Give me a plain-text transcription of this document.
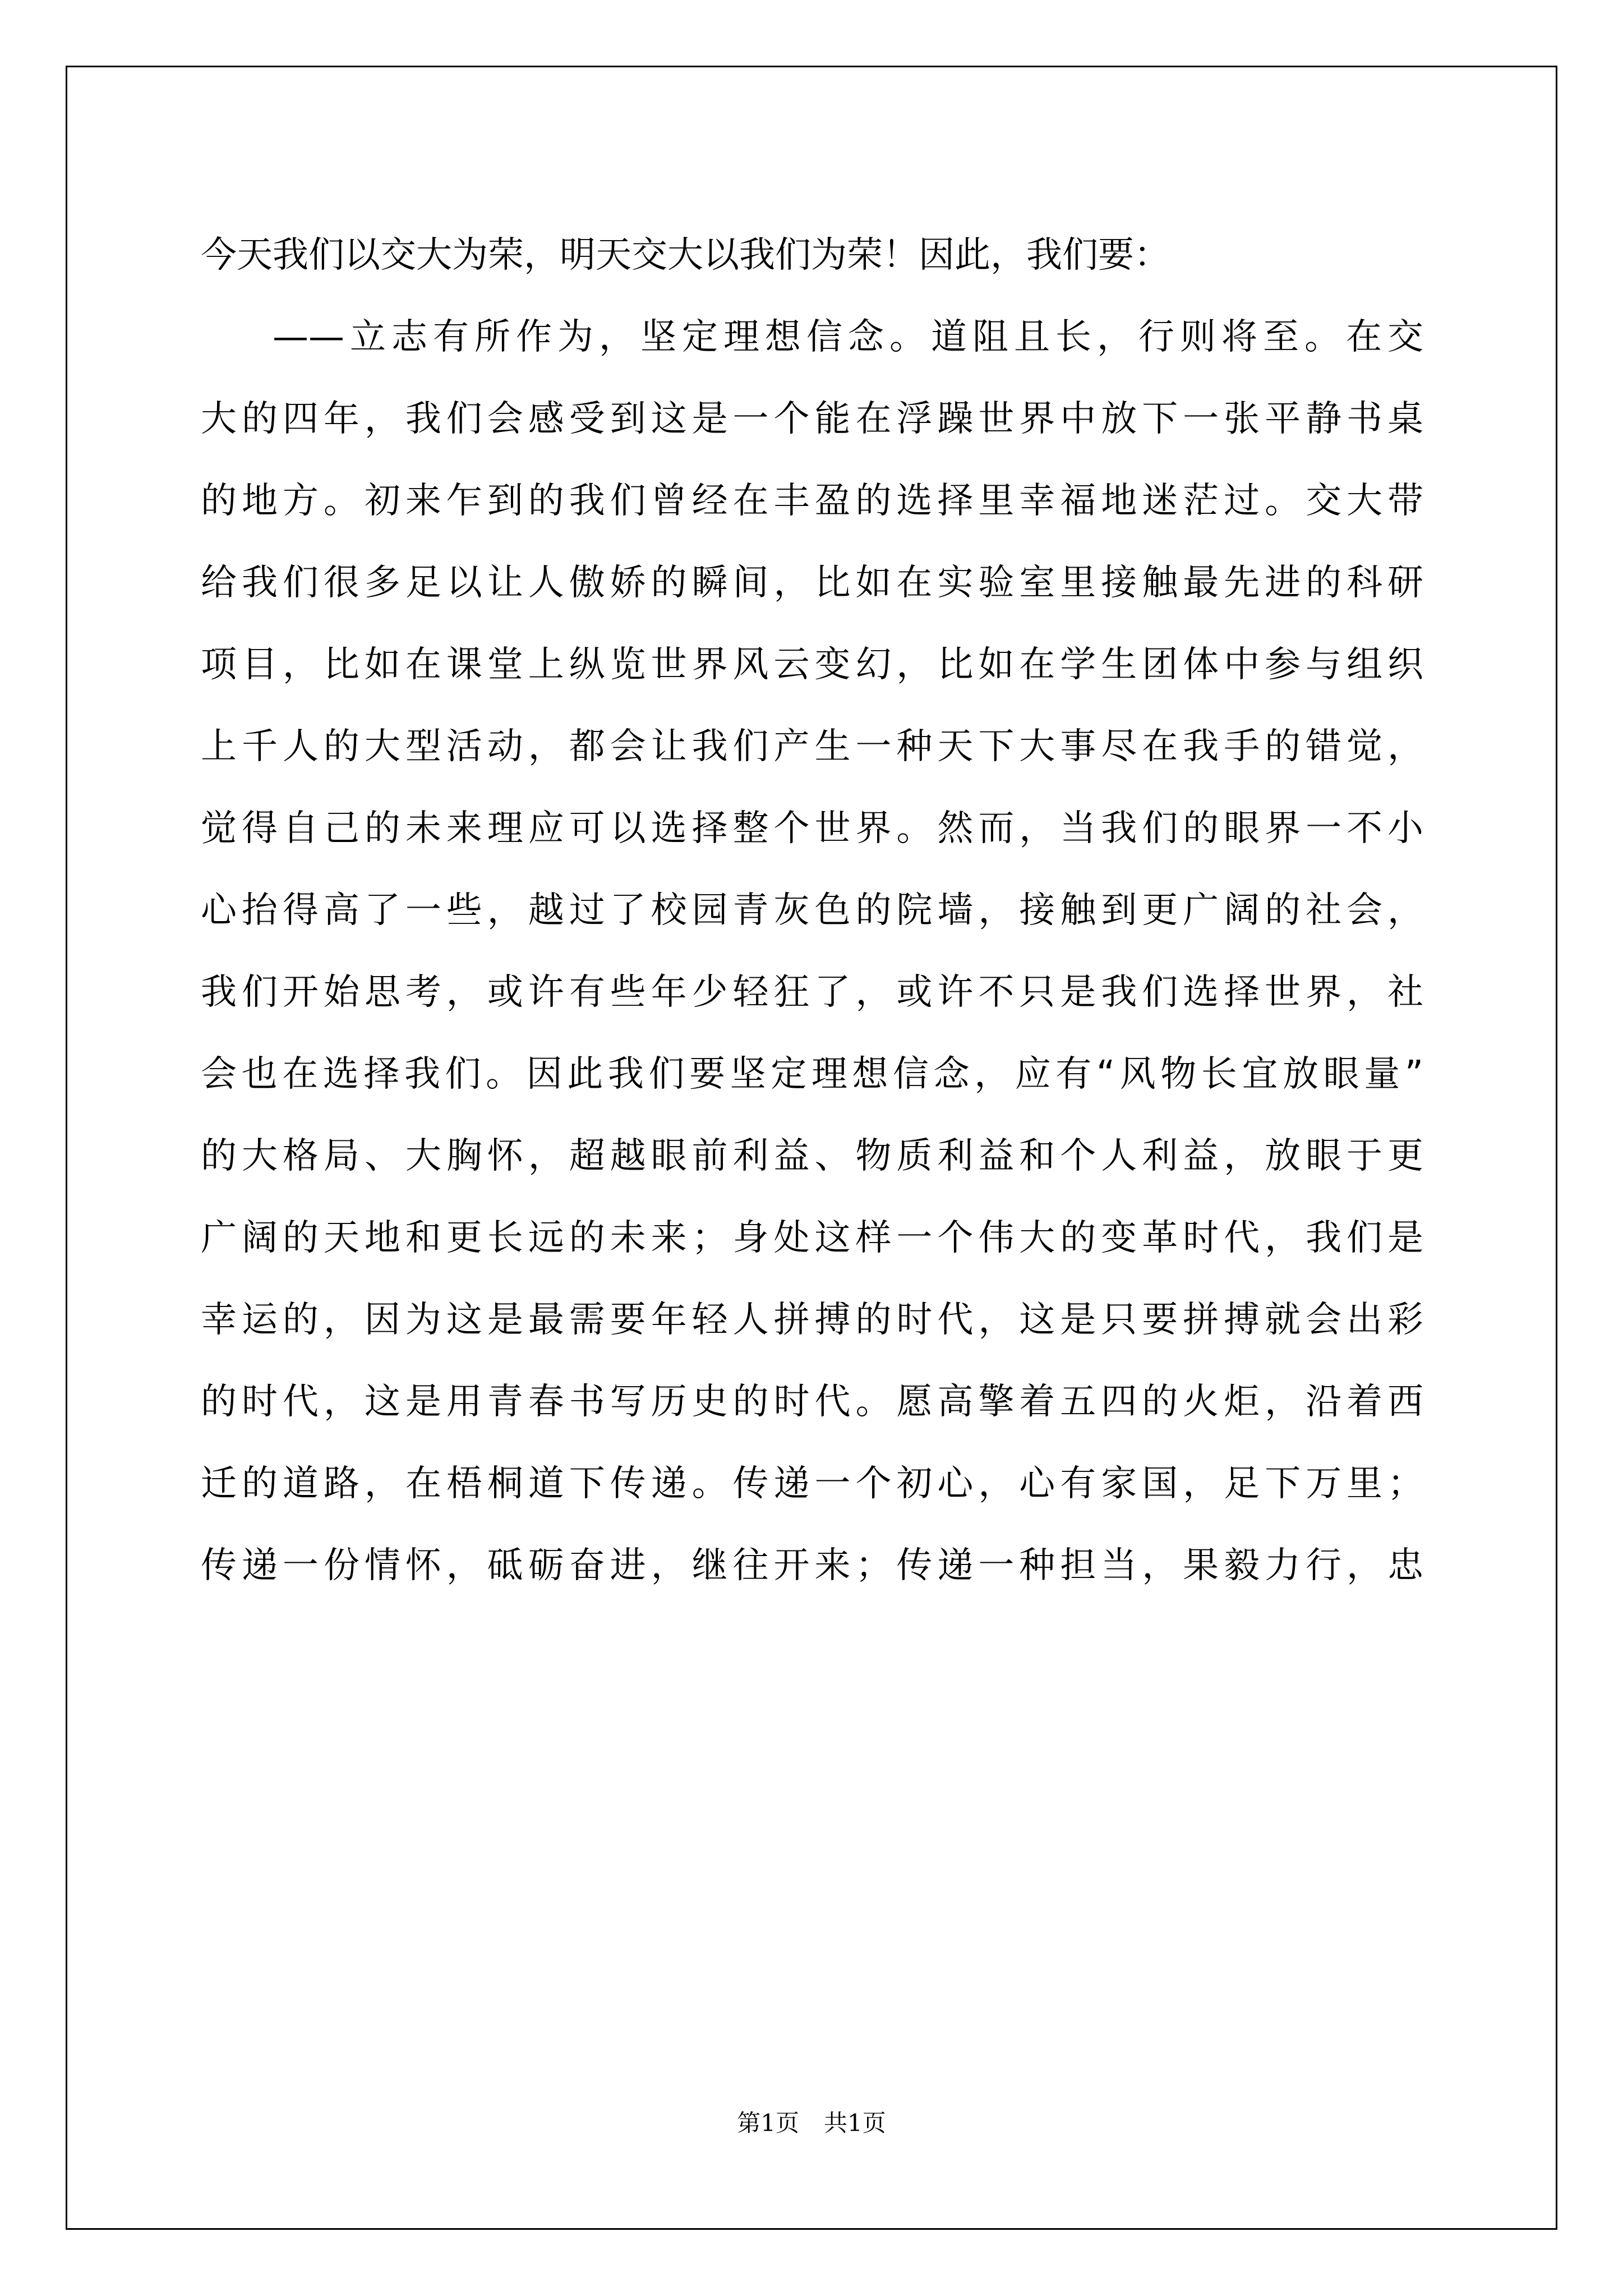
今天我们以交大为荣，明天交大以我们为荣！因此，我们要：
——立志有所作为，坚定理想信念。道阻且长，行则将至。在交
大的四年，我们会感受到这是一个能在浮躁世界中放下一张平静书桌
的地方。初来乍到的我们曾经在丰盈的选择里幸福地迷茫过。交大带
给我们很多足以让人傲娇的瞬间，比如在实验室里接触最先进的科研
项目，比如在课堂上纵览世界风云变幻，比如在学生团体中参与组织
上千人的大型活动，都会让我们产生一种天下大事尽在我手的错觉，
觉得自己的未来理应可以选择整个世界。然而，当我们的眼界一不小
心抬得高了一些，越过了校园青灰色的院墙，接触到更广阔的社会，
我们开始思考，或许有些年少轻狂了，或许不只是我们选择世界，社
会也在选择我们。因此我们要坚定理想信念，应有“风物长宜放眼量”
的大格局、大胸怀，超越眼前利益、物质利益和个人利益，放眼于更
广阔的天地和更长远的未来；身处这样一个伟大的变革时代，我们是
幸运的，因为这是最需要年轻人拼搏的时代，这是只要拼搏就会出彩
的时代，这是用青春书写历史的时代。愿高擎着五四的火炬，沿着西
迁的道路，在梧桐道下传递。传递一个初心，心有家国，足下万里；
传递一份情怀，砥砺奋进，继往开来；传递一种担当，果毅力行，忠
第1页 共1页
